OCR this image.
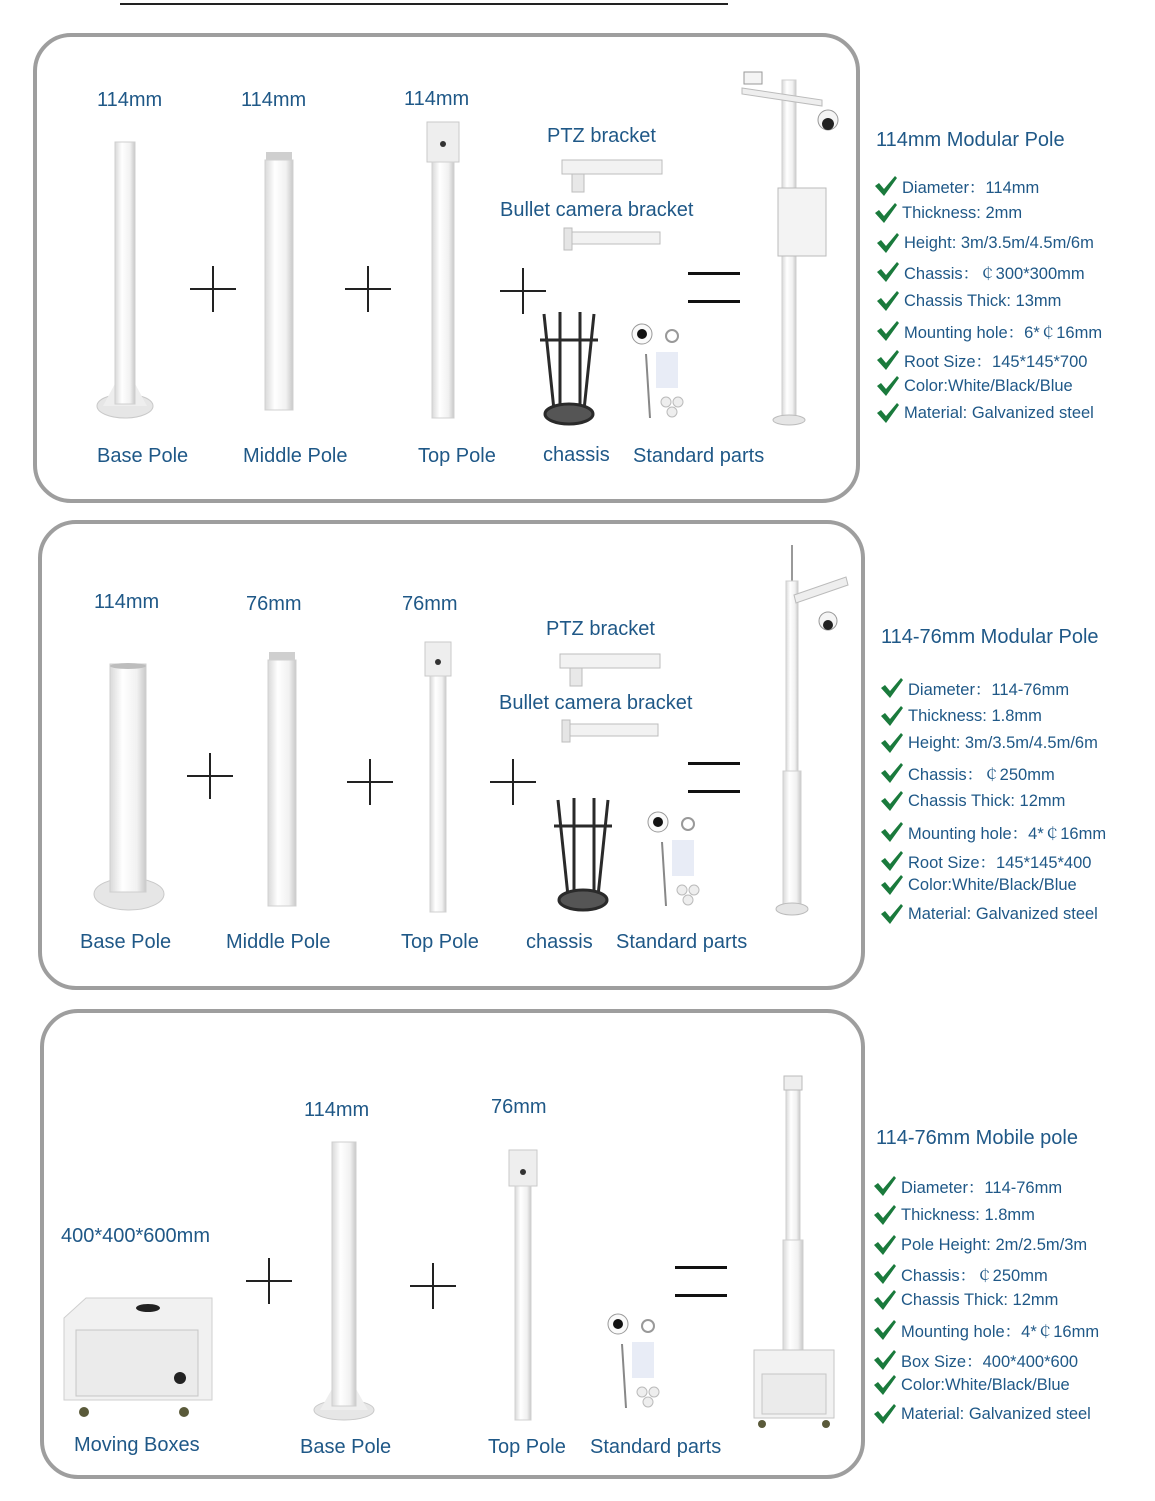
114mm	114mm	114mm
PTZ bracket
Bullet camera bracket
Base Pole	Middle Pole	Top Pole chassis Standard parts
114mm Modular Pole
Diameter：114mm
Thickness: 2mm
Height: 3m/3.5m/4.5m/6m
Chassis：￠300*300mm
Chassis Thick: 13mm
Mounting hole：6*￠16mm
Root Size：145*145*700
Color:White/Black/Blue
Material: Galvanized steel
114mm	76mm	76mm
PTZ bracket
Bullet camera bracket
Base Pole	Middle Pole	Top Pole chassis Standard parts
114-76mm Modular Pole
Diameter：114-76mm
Thickness: 1.8mm
Height: 3m/3.5m/4.5m/6m
Chassis：￠250mm
Chassis Thick: 12mm
Mounting hole：4*￠16mm
Root Size：145*145*400
Color:White/Black/Blue
Material: Galvanized steel
400*400*600mm
114mm	76mm
Moving Boxes	Base Pole	Top Pole Standard parts
114-76mm Mobile pole
Diameter：114-76mm
Thickness: 1.8mm
Pole Height: 2m/2.5m/3m
Chassis：￠250mm
Chassis Thick: 12mm
Mounting hole：4*￠16mm
Box Size：400*400*600
Color:White/Black/Blue
Material: Galvanized steel
